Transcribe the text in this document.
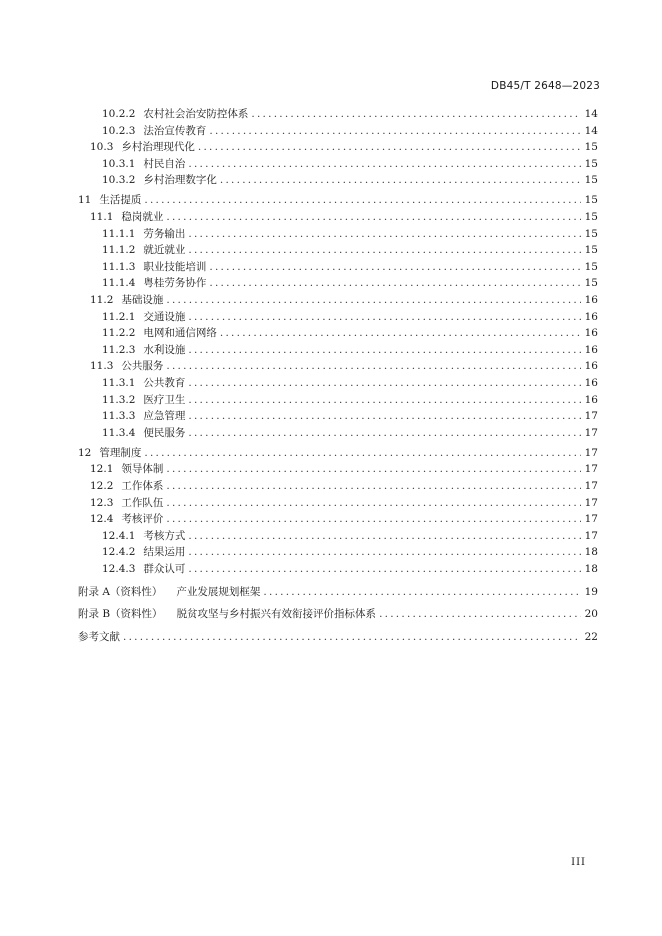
DB45/T 2648—2023
10.2.2 农村社会治安防控体系 . . .	14
10.2.3 法治宣传教育 . . .	14
10.3 乡村治理现代化 . . .	15
10.3.1 村民自治 . . .	15
10.3.2 乡村治理数字化 . . .	15
11 生活提质 . . .	15
11.1 稳岗就业 . . .	15
11.1.1 劳务输出 . . .	15
11.1.2 就近就业 . . .	15
11.1.3 职业技能培训 . . .	15
11.1.4 粤桂劳务协作 . . .	15
11.2 基础设施 . . .	16
11.2.1 交通设施 . . .	16
11.2.2 电网和通信网络 . . .	16
11.2.3 水利设施 . . .	16
11.3 公共服务 . . .	16
11.3.1 公共教育 . . .	16
11.3.2 医疗卫生 . . .	16
11.3.3 应急管理 . . .	17
11.3.4 便民服务 . . .	17
12 管理制度 . . .	17
12.1 领导体制 . . .	17
12.2 工作体系 . . .	17
12.3 工作队伍 . . .	17
12.4 考核评价 . . .	17
12.4.1 考核方式 . . .	17
12.4.2 结果运用 . . .	18
12.4.3 群众认可 . . .	18
附录 A（资料性）	产业发展规划框架 . . .	19
附录 B（资料性）	脱贫攻坚与乡村振兴有效衔接评价指标体系 . . .	20
参考文献 . . .	22
III
